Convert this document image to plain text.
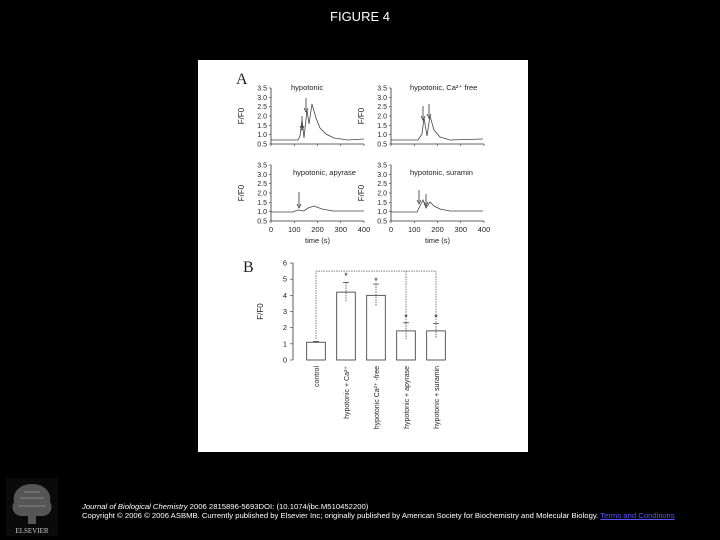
FIGURE 4
A	hypotonic	hypotonic, Ca²⁺ free
hypotonic, apyrase	hypotonic, suramin
3.5
3.0
2.5
2.0
1.5
1.0
0.5
F/F0
3.5
3.0
2.5
2.0
1.5
1.0
0.5
F/F0
3.5
3.0
2.5
2.0
1.5
1.0
0.5
F/F0
0 100 200 300 400
time (s)
3.5
3.0
2.5
2.0
1.5
1.0
0.5
F/F0
0 100 200 300 400
time (s)
B
0
1
2
3
4
5
6
F/F0
control	hypotonic + Ca²⁺	hypotonic Ca²⁺ -free	hypotonic + apyrase	hypotonic + suramin
*	*
*	*
ELSEVIER
Journal of Biological Chemistry 2006 2815896-5693DOI: (10.1074/jbc.M510452200)
Copyright © 2006 © 2006 ASBMB. Currently published by Elsevier Inc; originally published by American Society for Biochemistry and Molecular Biology. Terms and Conditions
